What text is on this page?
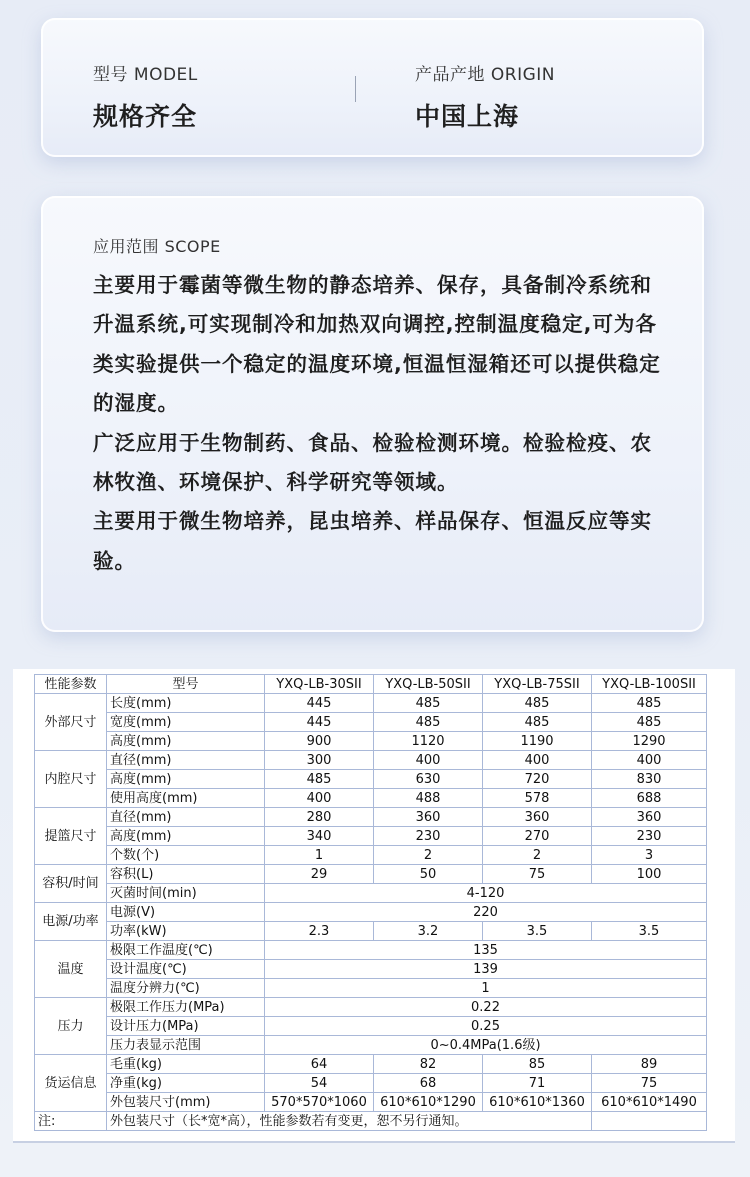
型号 MODEL
规格齐全
产品产地 ORIGIN
中国上海
应用范围 SCOPE

主要用于霉菌等微生物的静态培养、保存，具备制冷系统和升温系统,可实现制冷和加热双向调控,控制温度稳定,可为各类实验提供一个稳定的温度环境,恒温恒湿箱还可以提供稳定的湿度。

广泛应用于生物制药、食品、检验检测环境。检验检疫、农林牧渔、环境保护、科学研究等领域。

主要用于微生物培养，昆虫培养、样品保存、恒温反应等实验。

性能参数	型号	YXQ-LB-30SII	YXQ-LB-50SII	YXQ-LB-75SII	YXQ-LB-100SII
外部尺寸	长度(mm)	445	485	485	485
	宽度(mm)	445	485	485	485
	高度(mm)	900	1120	1190	1290
内腔尺寸	直径(mm)	300	400	400	400
	高度(mm)	485	630	720	830
	使用高度(mm)	400	488	578	688
提篮尺寸	直径(mm)	280	360	360	360
	高度(mm)	340	230	270	230
	个数(个)	1	2	2	3
容积/时间	容积(L)	29	50	75	100
	灭菌时间(min)	4-120			
电源/功率	电源(V)	220			
	功率(kW)	2.3	3.2	3.5	3.5
温度	极限工作温度(℃)	135			
	设计温度(℃)	139			
	温度分辨力(℃)	1			
压力	极限工作压力(MPa)	0.22			
	设计压力(MPa)	0.25			
	压力表显示范围	0~0.4MPa(1.6级)			
货运信息	毛重(kg)	64	82	85	89
	净重(kg)	54	68	71	75
	外包装尺寸(mm)	570*570*1060	610*610*1290	610*610*1360	610*610*1490
注:	外包装尺寸（长*宽*高），性能参数若有变更，恕不另行通知。				
